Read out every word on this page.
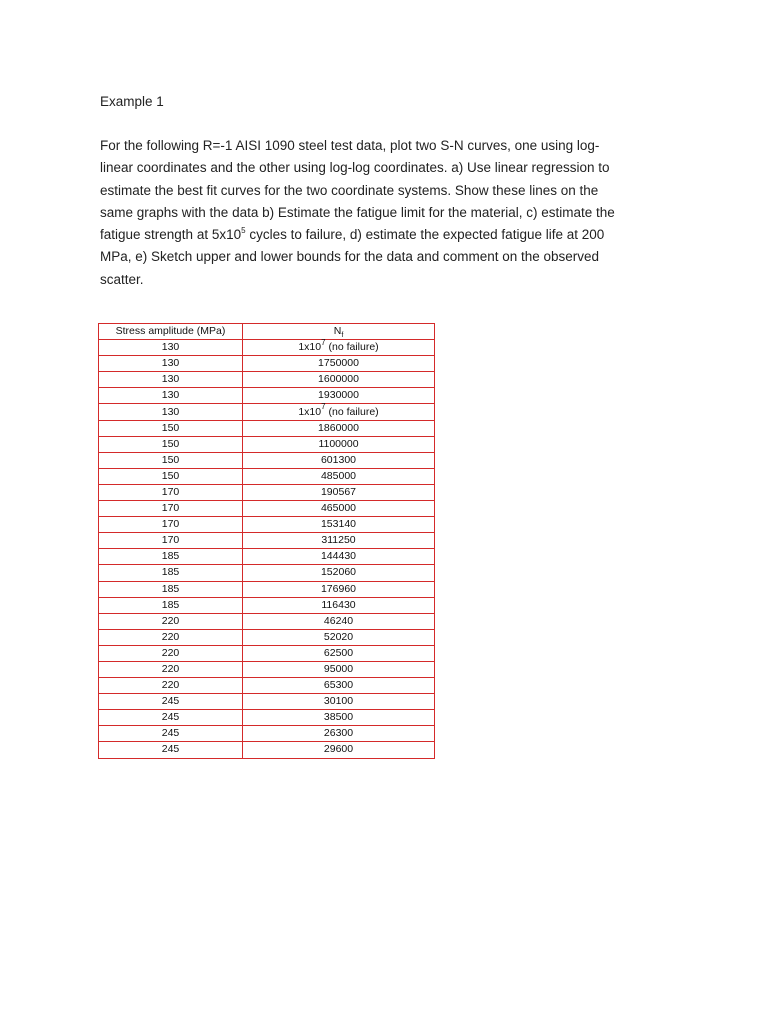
Example 1
For the following R=-1 AISI 1090 steel test data, plot two S-N curves, one using log-
linear coordinates and the other using log-log coordinates. a) Use linear regression to
estimate the best fit curves for the two coordinate systems. Show these lines on the
same graphs with the data b) Estimate the fatigue limit for the material, c) estimate the
fatigue strength at $5x10^5$ cycles to failure, d) estimate the expected fatigue life at 200
MPa, e) Sketch upper and lower bounds for the data and comment on the observed
scatter.
Stress amplitude (MPa)	$N_f$
130	$1x10^7$ (no failure)
130	1750000
130	1600000
130	1930000
130	$1x10^7$ (no failure)
150	1860000
150	1100000
150	601300
150	485000
170	190567
170	465000
170	153140
170	311250
185	144430
185	152060
185	176960
185	116430
220	46240
220	52020
220	62500
220	95000
220	65300
245	30100
245	38500
245	26300
245	29600
